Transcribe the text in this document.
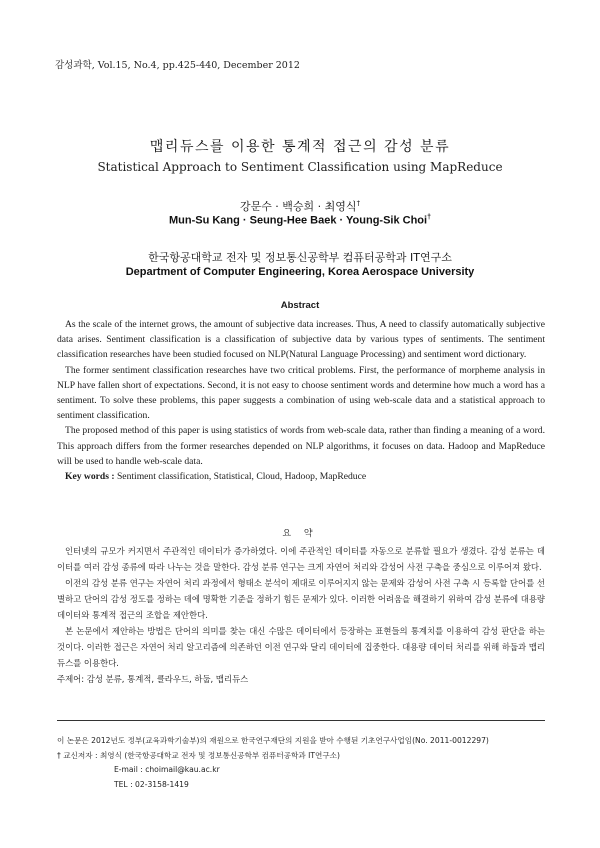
감성과학, Vol.15, No.4, pp.425-440, December 2012
맵리듀스를 이용한 통계적 접근의 감성 분류
Statistical Approach to Sentiment Classification using MapReduce
강문수 · 백승희 · 최영식†
Mun-Su Kang · Seung-Hee Baek · Young-Sik Choi†
한국항공대학교 전자 및 정보통신공학부 컴퓨터공학과 IT연구소
Department of Computer Engineering, Korea Aerospace University
Abstract

As the scale of the internet grows, the amount of subjective data increases. Thus, A need to classify automatically subjective data arises. Sentiment classification is a classification of subjective data by various types of sentiments. The sentiment classification researches have been studied focused on NLP(Natural Language Processing) and sentiment word dictionary.

The former sentiment classification researches have two critical problems. First, the performance of morpheme analysis in NLP have fallen short of expectations. Second, it is not easy to choose sentiment words and determine how much a word has a sentiment. To solve these problems, this paper suggests a combination of using web-scale data and a statistical approach to sentiment classification.

The proposed method of this paper is using statistics of words from web-scale data, rather than finding a meaning of a word. This approach differs from the former researches depended on NLP algorithms, it focuses on data. Hadoop and MapReduce will be used to handle web-scale data.

Key words : Sentiment classification, Statistical, Cloud, Hadoop, MapReduce

요 약

인터넷의 규모가 커지면서 주관적인 데이터가 증가하였다. 이에 주관적인 데이터를 자동으로 분류할 필요가 생겼다. 감성 분류는 데이터를 여러 감성 종류에 따라 나누는 것을 말한다. 감성 분류 연구는 크게 자연어 처리와 감성어 사전 구축을 중심으로 이루어져 왔다.

이전의 감성 분류 연구는 자연어 처리 과정에서 형태소 분석이 제대로 이루어지지 않는 문제와 감성어 사전 구축 시 등록할 단어를 선별하고 단어의 감성 정도를 정하는 데에 명확한 기준을 정하기 힘든 문제가 있다. 이러한 어려움을 해결하기 위하여 감성 분류에 대용량 데이터와 통계적 접근의 조합을 제안한다.

본 논문에서 제안하는 방법은 단어의 의미를 찾는 대신 수많은 데이터에서 등장하는 표현들의 통계치를 이용하여 감성 판단을 하는 것이다. 이러한 접근은 자연어 처리 알고리즘에 의존하던 이전 연구와 달리 데이터에 집중한다. 대용량 데이터 처리를 위해 하둡과 맵리듀스를 이용한다.

주제어: 감성 분류, 통계적, 클라우드, 하둡, 맵리듀스

이 논문은 2012년도 정부(교육과학기술부)의 재원으로 한국연구재단의 지원을 받아 수행된 기초연구사업임(No. 2011-0012297)
† 교신저자 : 최영식 (한국항공대학교 전자 및 정보통신공학부 컴퓨터공학과 IT연구소)
E-mail : choimail@kau.ac.kr
TEL : 02-3158-1419
